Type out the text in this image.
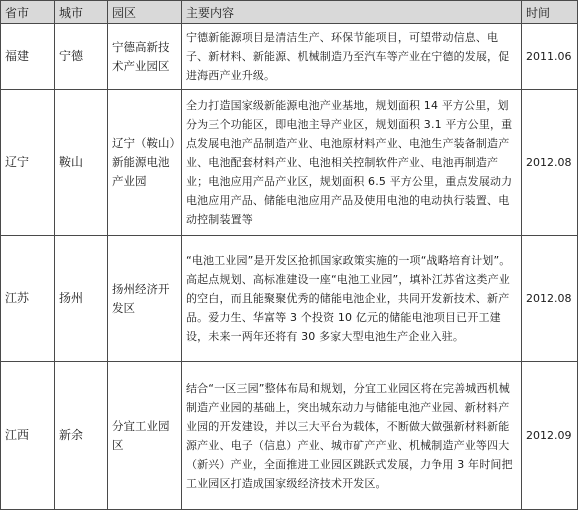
省市	城市	园区	主要内容	时间
福建	宁德	宁德高新技术产业园区	宁德新能源项目是清洁生产、环保节能项目，可望带动信息、电子、新材料、新能源、机械制造乃至汽车等产业在宁德的发展，促进海西产业升级。	2011.06
辽宁	鞍山	辽宁（鞍山）新能源电池产业园	全力打造国家级新能源电池产业基地，规划面积 14 平方公里，划分为三个功能区，即电池主导产业区，规划面积 3.1 平方公里，重点发展电池产品制造产业、电池原材料产业、电池生产装备制造产业、电池配套材料产业、电池相关控制软件产业、电池再制造产业；电池应用产品产业区，规划面积 6.5 平方公里，重点发展动力电池应用产品、储能电池应用产品及使用电池的电动执行装置、电动控制装置等	2012.08
江苏	扬州	扬州经济开发区	“电池工业园”是开发区抢抓国家政策实施的一项“战略培育计划”。高起点规划、高标准建设一座“电池工业园”，填补江苏省这类产业的空白，而且能聚聚优秀的储能电池企业，共同开发新技术、新产品。爱力生、华富等 3 个投资 10 亿元的储能电池项目已开工建设，未来一两年还将有 30 多家大型电池生产企业入驻。	2012.08
江西	新余	分宜工业园区	结合“一区三园”整体布局和规划，分宜工业园区将在完善城西机械制造产业园的基础上，突出城东动力与储能电池产业园、新材料产业园的开发建设，并以三大平台为载体，不断做大做强新材料新能源产业、电子（信息）产业、城市矿产产业、机械制造产业等四大（新兴）产业，全面推进工业园区跳跃式发展，力争用 3 年时间把工业园区打造成国家级经济技术开发区。	2012.09
